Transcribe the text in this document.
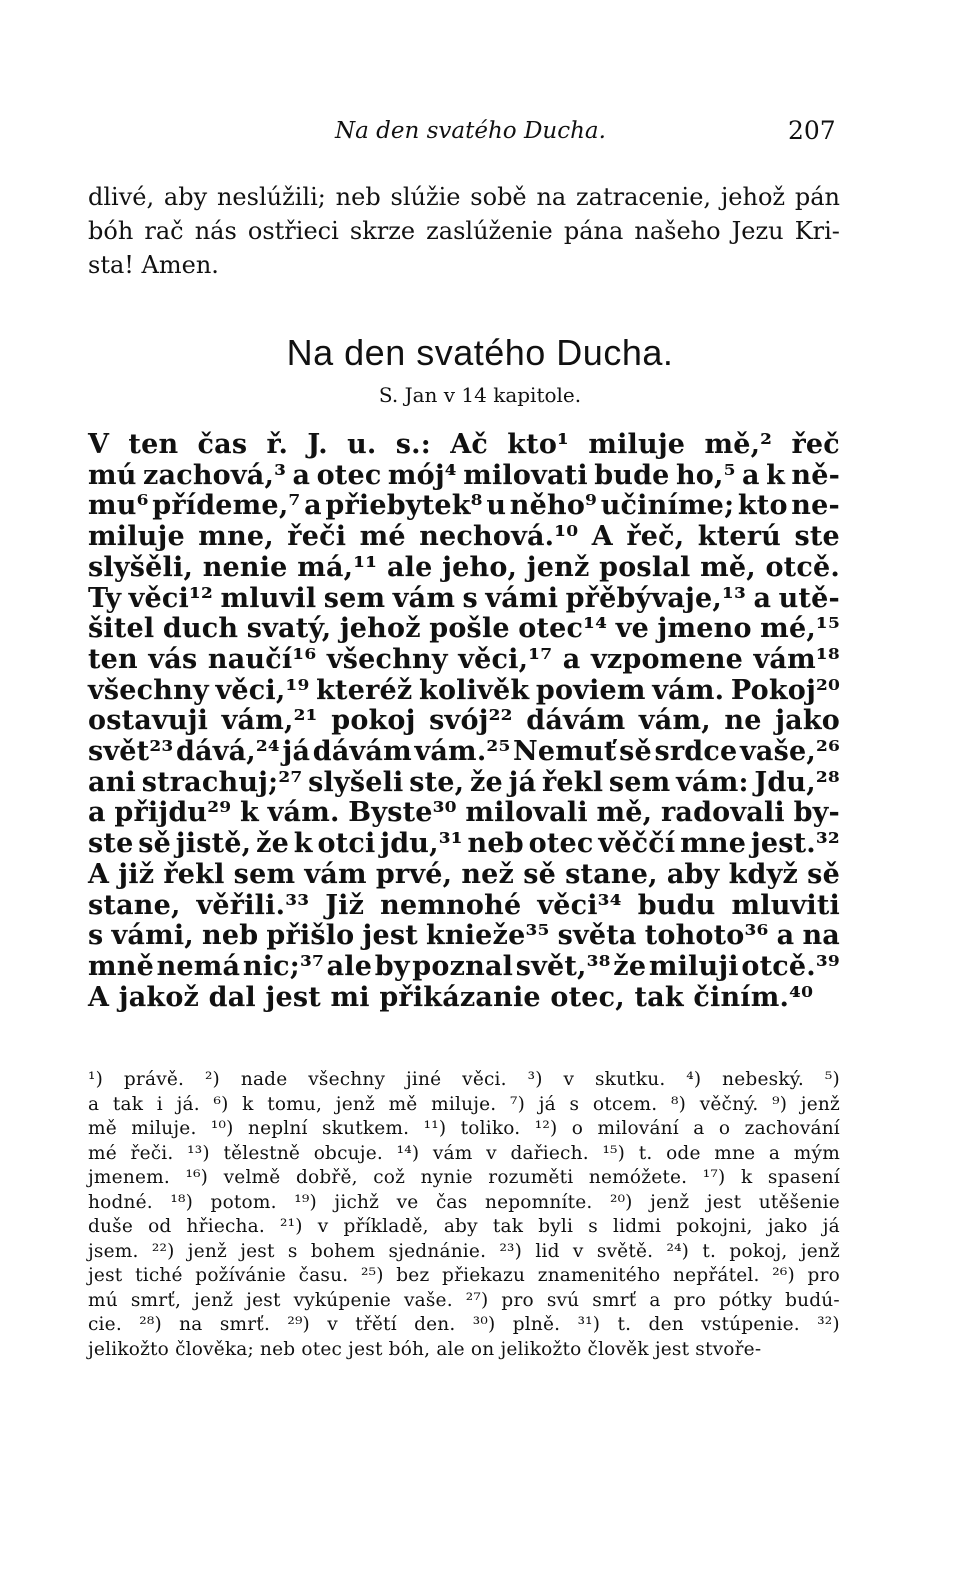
Na den svatého Ducha.	207
dlivé, aby neslúžili; neb slúžie sobě na zatracenie, jehož pán
bóh rač nás ostřieci skrze zaslúženie pána našeho Jezu Kri-
sta! Amen.
Na den svatého Ducha.
S. Jan v 14 kapitole.
V ten čas ř. J. u. s.: Ač kto¹ miluje mě,² řeč
mú zachová,³ a otec mój⁴ milovati bude ho,⁵ a k ně-
mu⁶ přídeme,⁷ a přiebytek⁸ u něho⁹ učiníme; kto ne-
miluje mne, řeči mé nechová.¹⁰ A řeč, kterú ste
slyšěli, nenie má,¹¹ ale jeho, jenž poslal mě, otcě.
Ty věci¹² mluvil sem vám s vámi přěbývaje,¹³ a utě-
šitel duch svatý, jehož pošle otec¹⁴ ve jmeno mé,¹⁵
ten vás naučí¹⁶ všechny věci,¹⁷ a vzpomene vám¹⁸
všechny věci,¹⁹ kteréž kolivěk poviem vám. Pokoj²⁰
ostavuji vám,²¹ pokoj svój²² dávám vám, ne jako
svět²³ dává,²⁴ já dávám vám.²⁵ Nemuť sě srdce vaše,²⁶
ani strachuj;²⁷ slyšeli ste, že já řekl sem vám: Jdu,²⁸
a přijdu²⁹ k vám. Byste³⁰ milovali mě, radovali by-
ste sě jistě, že k otci jdu,³¹ neb otec věččí mne jest.³²
A již řekl sem vám prvé, než sě stane, aby když sě
stane, věřili.³³ Již nemnohé věci³⁴ budu mluviti
s vámi, neb přišlo jest knieže³⁵ světa tohoto³⁶ a na
mně nemá nic;³⁷ ale by poznal svět,³⁸ že miluji otcě.³⁹
A jakož dal jest mi přikázanie otec, tak činím.⁴⁰
¹) právě. ²) nade všechny jiné věci. ³) v skutku. ⁴) nebeský. ⁵)
a tak i já. ⁶) k tomu, jenž mě miluje. ⁷) já s otcem. ⁸) věčný. ⁹) jenž
mě miluje. ¹⁰) neplní skutkem. ¹¹) toliko. ¹²) o milování a o zachování
mé řeči. ¹³) tělestně obcuje. ¹⁴) vám v dařiech. ¹⁵) t. ode mne a mým
jmenem. ¹⁶) velmě dobřě, což nynie rozuměti nemóžete. ¹⁷) k spasení
hodné. ¹⁸) potom. ¹⁹) jichž ve čas nepomníte. ²⁰) jenž jest utěšenie
duše od hřiecha. ²¹) v příkladě, aby tak byli s lidmi pokojni, jako já
jsem. ²²) jenž jest s bohem sjednánie. ²³) lid v světě. ²⁴) t. pokoj, jenž
jest tiché požívánie času. ²⁵) bez přiekazu znamenitého nepřátel. ²⁶) pro
mú smrť, jenž jest vykúpenie vaše. ²⁷) pro svú smrť a pro pótky budú-
cie. ²⁸) na smrť. ²⁹) v třětí den. ³⁰) plně. ³¹) t. den vstúpenie. ³²)
jelikožto člověka; neb otec jest bóh, ale on jelikožto člověk jest stvoře-
